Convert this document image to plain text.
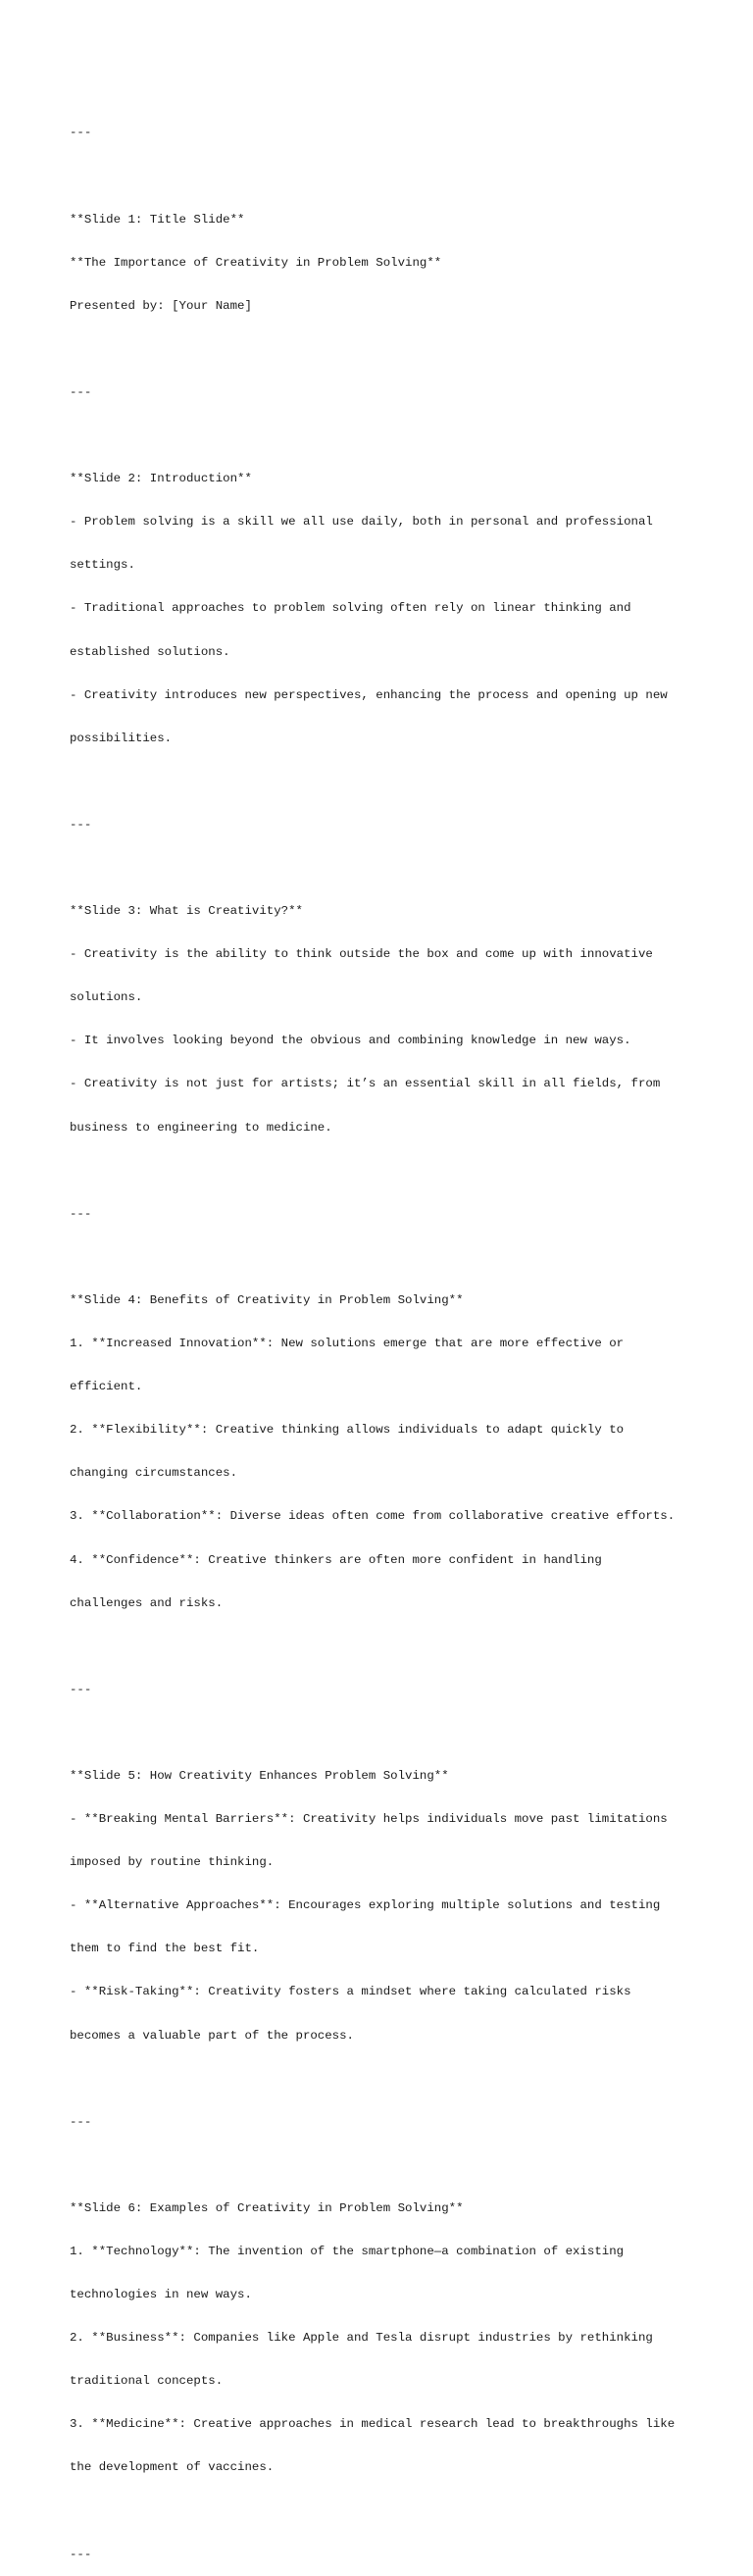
---

**Slide 1: Title Slide**

**The Importance of Creativity in Problem Solving**

Presented by: [Your Name]

---

**Slide 2: Introduction**

- Problem solving is a skill we all use daily, both in personal and professional

settings.

- Traditional approaches to problem solving often rely on linear thinking and

established solutions.

- Creativity introduces new perspectives, enhancing the process and opening up new

possibilities.

---

**Slide 3: What is Creativity?**

- Creativity is the ability to think outside the box and come up with innovative

solutions.

- It involves looking beyond the obvious and combining knowledge in new ways.

- Creativity is not just for artists; it’s an essential skill in all fields, from

business to engineering to medicine.

---

**Slide 4: Benefits of Creativity in Problem Solving**

1. **Increased Innovation**: New solutions emerge that are more effective or

efficient.

2. **Flexibility**: Creative thinking allows individuals to adapt quickly to

changing circumstances.

3. **Collaboration**: Diverse ideas often come from collaborative creative efforts.

4. **Confidence**: Creative thinkers are often more confident in handling

challenges and risks.

---

**Slide 5: How Creativity Enhances Problem Solving**

- **Breaking Mental Barriers**: Creativity helps individuals move past limitations

imposed by routine thinking.

- **Alternative Approaches**: Encourages exploring multiple solutions and testing

them to find the best fit.

- **Risk-Taking**: Creativity fosters a mindset where taking calculated risks

becomes a valuable part of the process.

---

**Slide 6: Examples of Creativity in Problem Solving**

1. **Technology**: The invention of the smartphone—a combination of existing

technologies in new ways.

2. **Business**: Companies like Apple and Tesla disrupt industries by rethinking

traditional concepts.

3. **Medicine**: Creative approaches in medical research lead to breakthroughs like

the development of vaccines.

---
